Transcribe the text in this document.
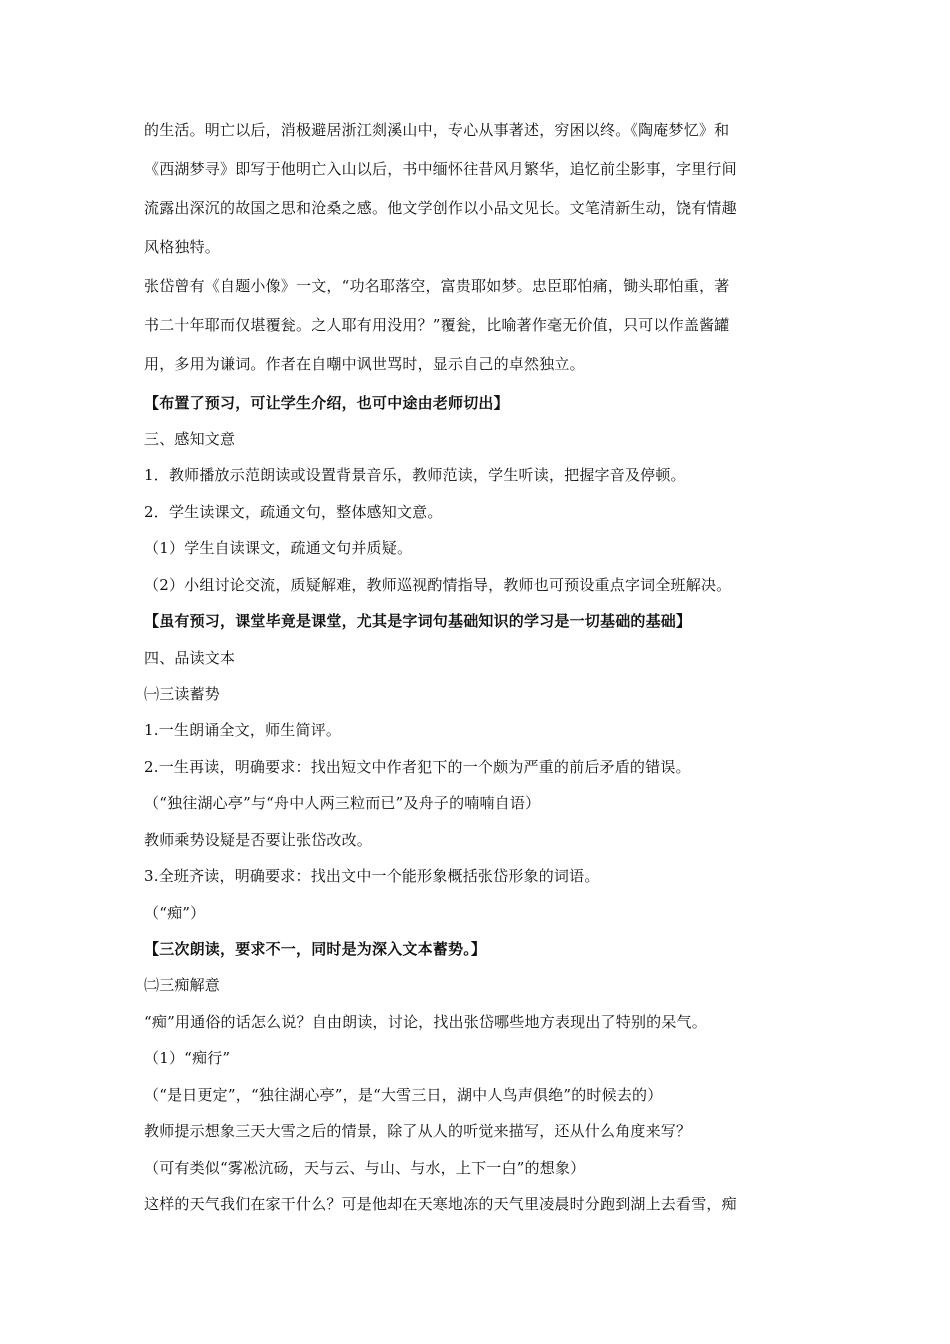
的生活。明亡以后，消极避居浙江剡溪山中，专心从事著述，穷困以终。《陶庵梦忆》和
《西湖梦寻》即写于他明亡入山以后，书中缅怀往昔风月繁华，追忆前尘影事，字里行间
流露出深沉的故国之思和沧桑之感。他文学创作以小品文见长。文笔清新生动，饶有情趣
风格独特。
张岱曾有《自题小像》一文，“功名耶落空，富贵耶如梦。忠臣耶怕痛，锄头耶怕重，著
书二十年耶而仅堪覆瓮。之人耶有用没用？”覆瓮，比喻著作毫无价值，只可以作盖酱罐
用，多用为谦词。作者在自嘲中讽世骂时，显示自己的卓然独立。
【布置了预习，可让学生介绍，也可中途由老师切出】
三、感知文意
1．教师播放示范朗读或设置背景音乐，教师范读，学生听读，把握字音及停顿。
2．学生读课文，疏通文句，整体感知文意。
（1）学生自读课文，疏通文句并质疑。
（2）小组讨论交流，质疑解难，教师巡视酌情指导，教师也可预设重点字词全班解决。
【虽有预习，课堂毕竟是课堂，尤其是字词句基础知识的学习是一切基础的基础】
四、品读文本
㈠三读蓄势
1.一生朗诵全文，师生简评。
2.一生再读，明确要求：找出短文中作者犯下的一个颇为严重的前后矛盾的错误。
（“独往湖心亭”与“舟中人两三粒而已”及舟子的喃喃自语）
教师乘势设疑是否要让张岱改改。
3.全班齐读，明确要求：找出文中一个能形象概括张岱形象的词语。
（“痴”）
【三次朗读，要求不一，同时是为深入文本蓄势。】
㈡三痴解意
“痴”用通俗的话怎么说？自由朗读，讨论，找出张岱哪些地方表现出了特别的呆气。
（1）“痴行”
（“是日更定”，“独往湖心亭”，是“大雪三日，湖中人鸟声俱绝”的时候去的）
教师提示想象三天大雪之后的情景，除了从人的听觉来描写，还从什么角度来写？
（可有类似“雾凇沆砀，天与云、与山、与水，上下一白”的想象）
这样的天气我们在家干什么？可是他却在天寒地冻的天气里凌晨时分跑到湖上去看雪，痴
